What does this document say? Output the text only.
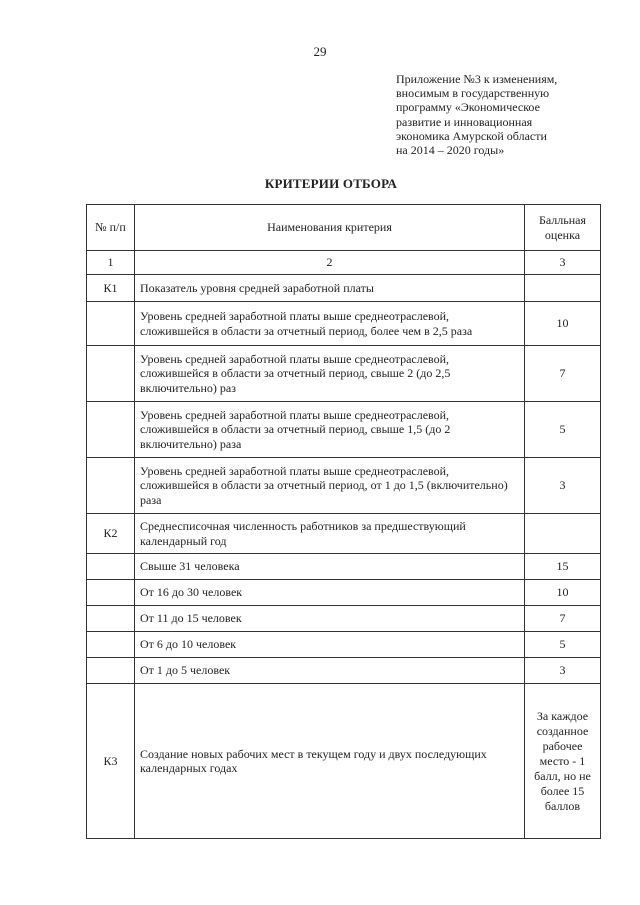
29
Приложение №3 к изменениям,
вносимым в государственную
программу «Экономическое
развитие и инновационная
экономика Амурской области
на 2014 – 2020 годы»
КРИТЕРИИ ОТБОРА
№ п/п	Наименования критерия	Балльная оценка
1	2	3
К1	Показатель уровня средней заработной платы	
	Уровень средней заработной платы выше среднеотраслевой, сложившейся в области за отчетный период, более чем в 2,5 раза	10
	Уровень средней заработной платы выше среднеотраслевой, сложившейся в области за отчетный период, свыше 2 (до 2,5 включительно) раз	7
	Уровень средней заработной платы выше среднеотраслевой, сложившейся в области за отчетный период, свыше 1,5 (до 2 включительно) раза	5
	Уровень средней заработной платы выше среднеотраслевой, сложившейся в области за отчетный период, от 1 до 1,5 (включительно) раза	3
К2	Среднесписочная численность работников за предшествующий календарный год	
	Свыше 31 человека	15
	От 16 до 30 человек	10
	От 11 до 15 человек	7
	От 6 до 10 человек	5
	От 1 до 5 человек	3
К3	Создание новых рабочих мест в текущем году и двух последующих календарных годах	За каждое созданное рабочее место - 1 балл, но не более 15 баллов
